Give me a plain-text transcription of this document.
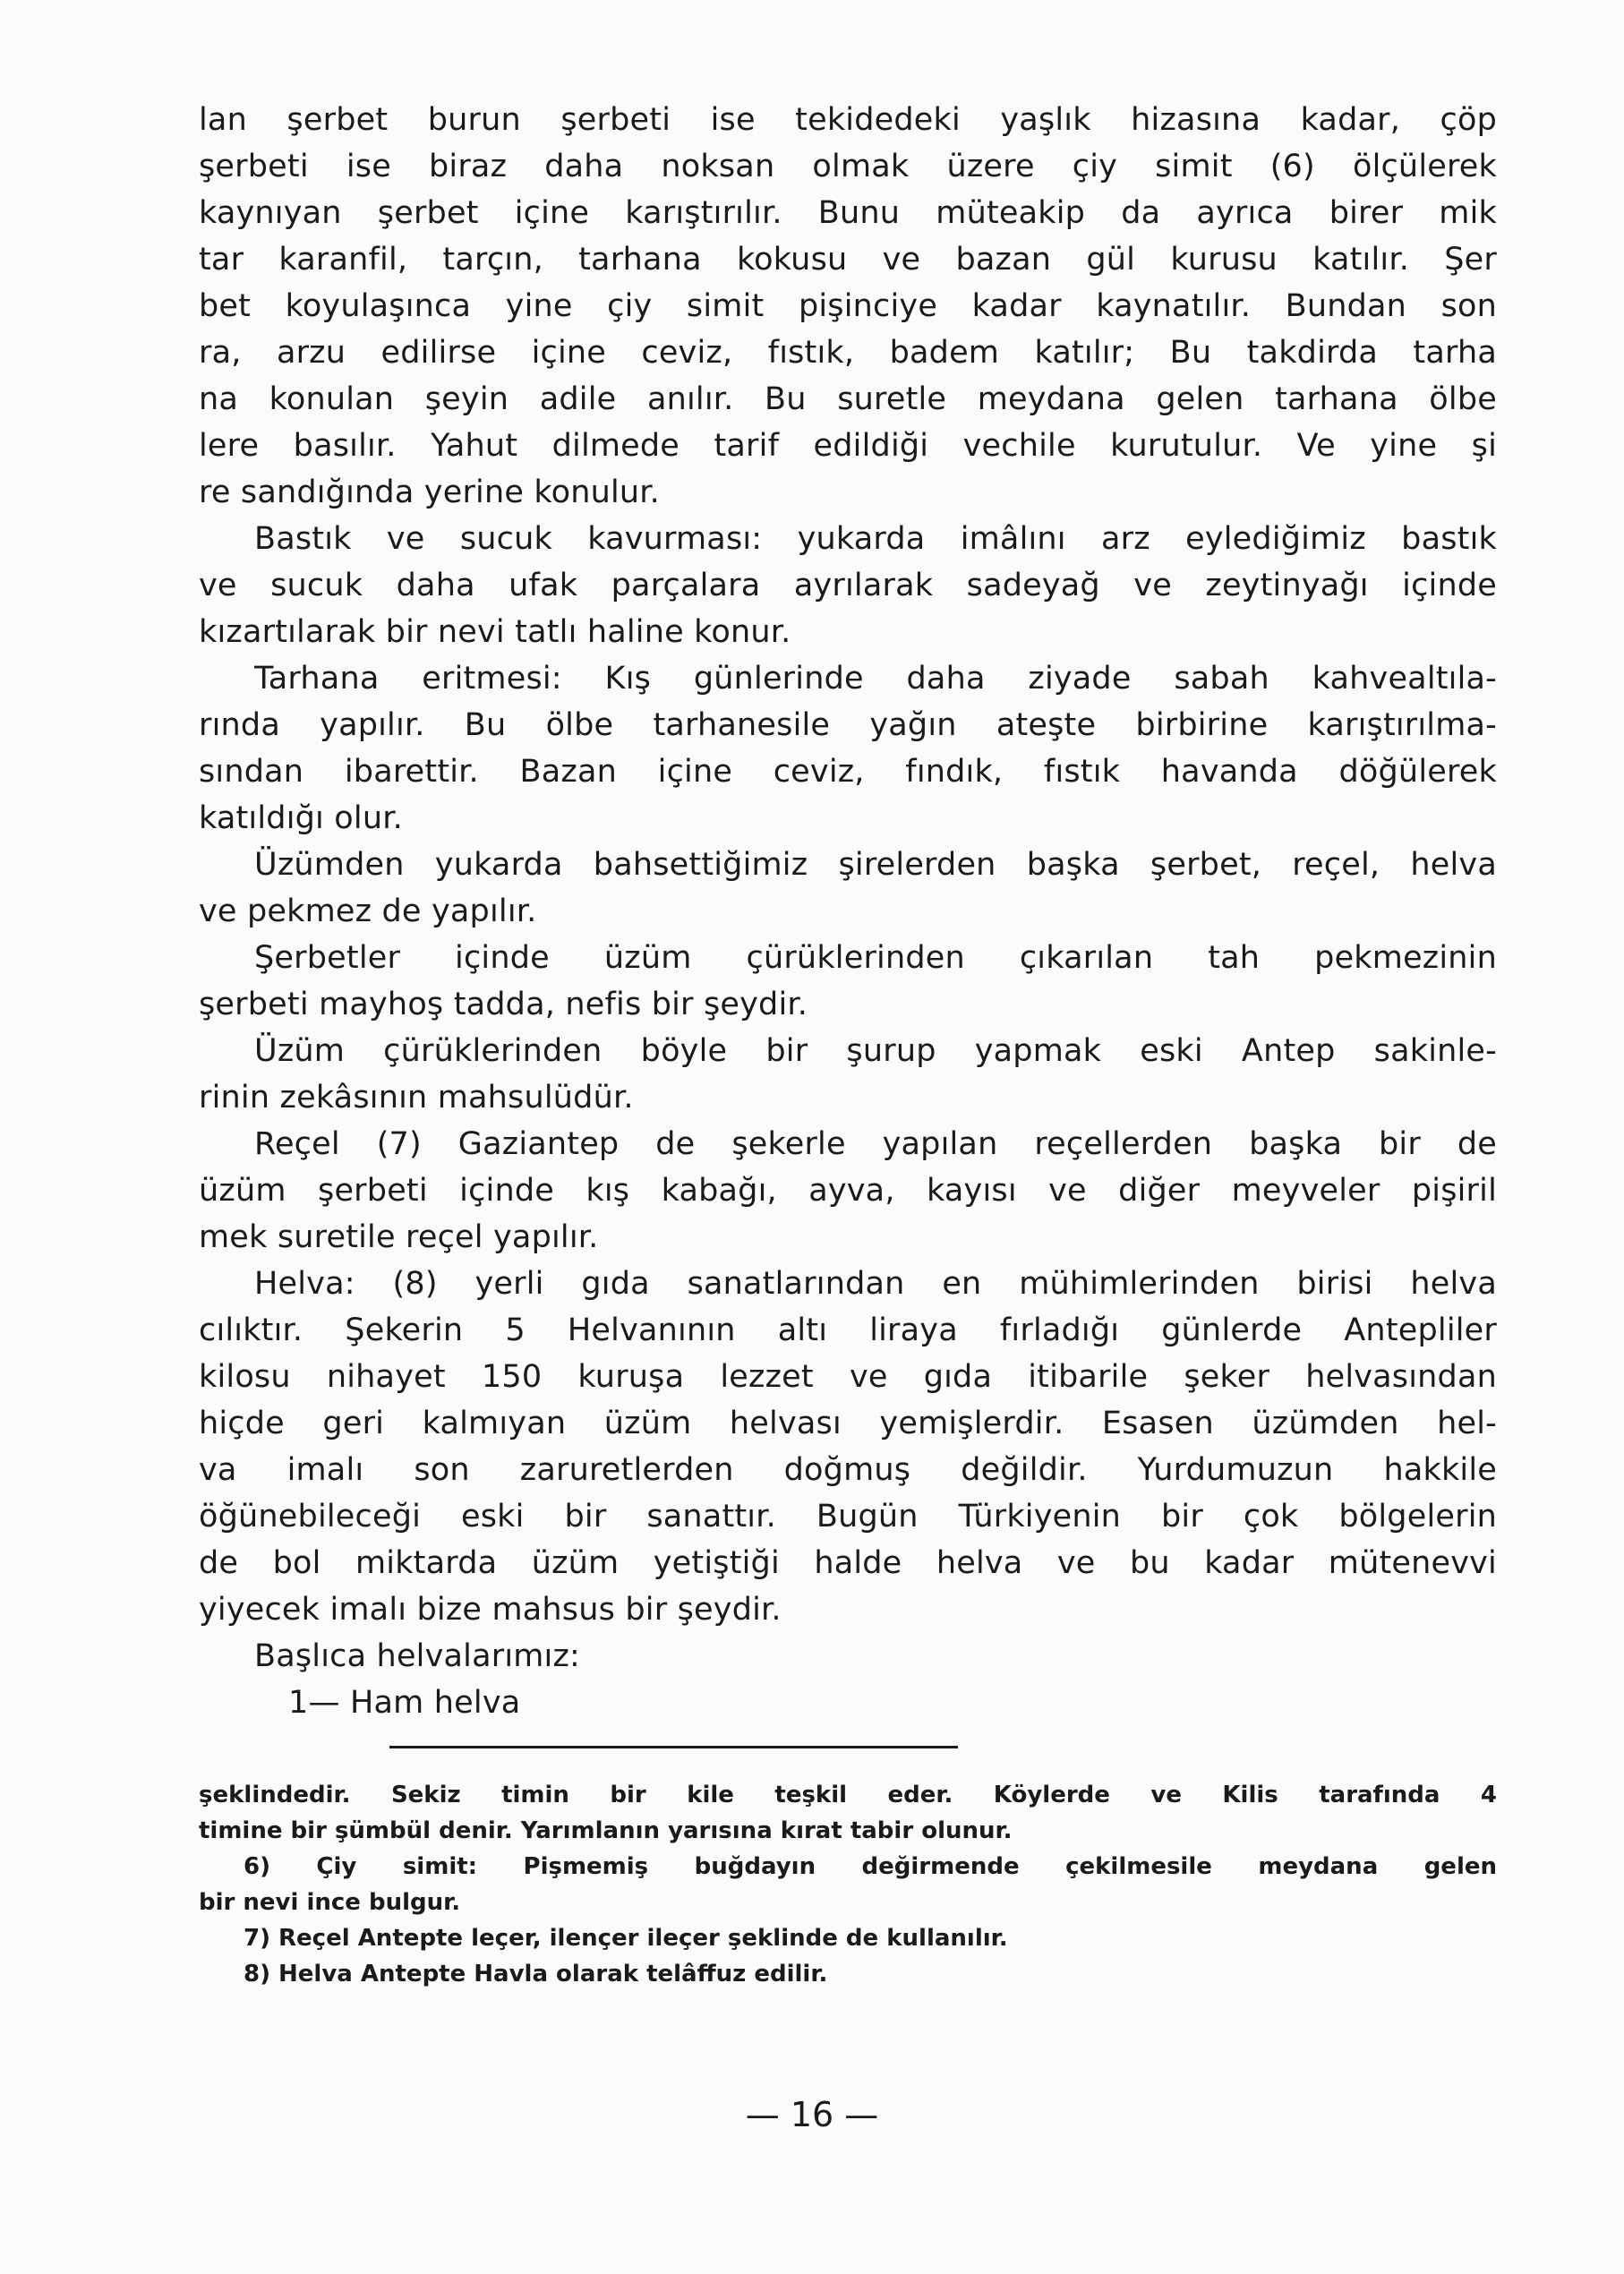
lan şerbet burun şerbeti ise tekidedeki yaşlık hizasına kadar, çöp
şerbeti ise biraz daha noksan olmak üzere çiy simit (6) ölçülerek
kaynıyan şerbet içine karıştırılır. Bunu müteakip da ayrıca birer mik
tar karanfil, tarçın, tarhana kokusu ve bazan gül kurusu katılır. Şer
bet koyulaşınca yine çiy simit pişinciye kadar kaynatılır. Bundan son
ra, arzu edilirse içine ceviz, fıstık, badem katılır; Bu takdirda tarha
na konulan şeyin adile anılır. Bu suretle meydana gelen tarhana ölbe
lere basılır. Yahut dilmede tarif edildiği vechile kurutulur. Ve yine şi
re sandığında yerine konulur.
Bastık ve sucuk kavurması: yukarda imâlını arz eylediğimiz bastık
ve sucuk daha ufak parçalara ayrılarak sadeyağ ve zeytinyağı içinde
kızartılarak bir nevi tatlı haline konur.
Tarhana eritmesi: Kış günlerinde daha ziyade sabah kahvealtıla-
rında yapılır. Bu ölbe tarhanesile yağın ateşte birbirine karıştırılma-
sından ibarettir. Bazan içine ceviz, fındık, fıstık havanda döğülerek
katıldığı olur.
Üzümden yukarda bahsettiğimiz şirelerden başka şerbet, reçel, helva
ve pekmez de yapılır.
Şerbetler içinde üzüm çürüklerinden çıkarılan tah pekmezinin
şerbeti mayhoş tadda, nefis bir şeydir.
Üzüm çürüklerinden böyle bir şurup yapmak eski Antep sakinle-
rinin zekâsının mahsulüdür.
Reçel (7) Gaziantep de şekerle yapılan reçellerden başka bir de
üzüm şerbeti içinde kış kabağı, ayva, kayısı ve diğer meyveler pişiril
mek suretile reçel yapılır.
Helva: (8) yerli gıda sanatlarından en mühimlerinden birisi helva
cılıktır. Şekerin 5 Helvanının altı liraya fırladığı günlerde Antepliler
kilosu nihayet 150 kuruşa lezzet ve gıda itibarile şeker helvasından
hiçde geri kalmıyan üzüm helvası yemişlerdir. Esasen üzümden hel-
va imalı son zaruretlerden doğmuş değildir. Yurdumuzun hakkile
öğünebileceği eski bir sanattır. Bugün Türkiyenin bir çok bölgelerin
de bol miktarda üzüm yetiştiği halde helva ve bu kadar mütenevvi
yiyecek imalı bize mahsus bir şeydir.
Başlıca helvalarımız:
1— Ham helva
şeklindedir. Sekiz timin bir kile teşkil eder. Köylerde ve Kilis tarafında 4
timine bir şümbül denir. Yarımlanın yarısına kırat tabir olunur.
6) Çiy simit: Pişmemiş buğdayın değirmende çekilmesile meydana gelen
bir nevi ince bulgur.
7) Reçel Antepte leçer, ilençer ileçer şeklinde de kullanılır.
8) Helva Antepte Havla olarak telâffuz edilir.
— 16 —
